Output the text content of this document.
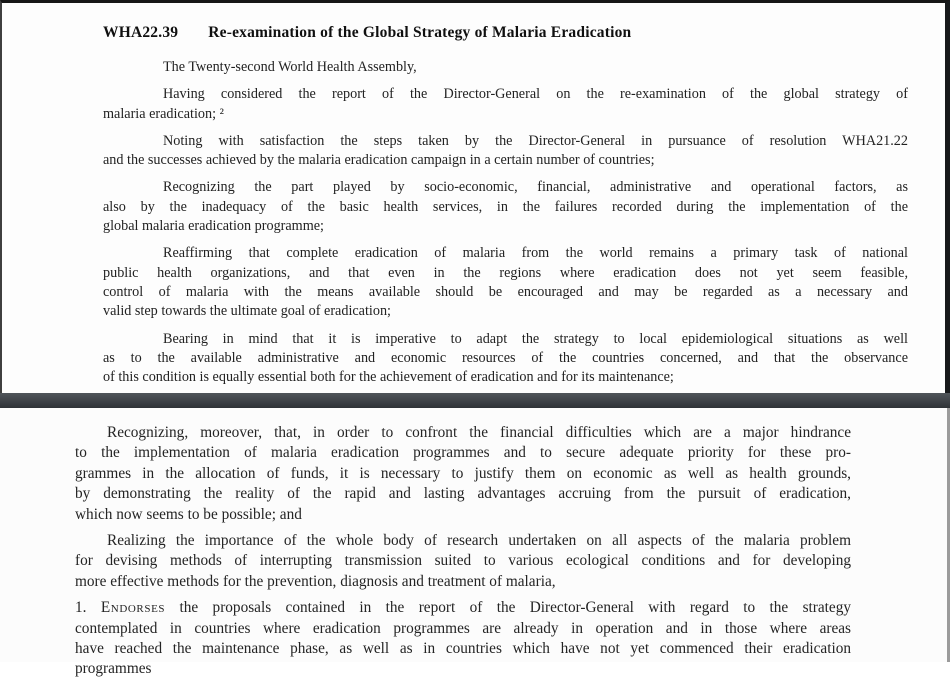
WHA22.39 Re-examination of the Global Strategy of Malaria Eradication
The Twenty-second World Health Assembly,
Having considered the report of the Director-General on the re-examination of the global strategy of
malaria eradication; ²
Noting with satisfaction the steps taken by the Director-General in pursuance of resolution WHA21.22
and the successes achieved by the malaria eradication campaign in a certain number of countries;
Recognizing the part played by socio-economic, financial, administrative and operational factors, as
also by the inadequacy of the basic health services, in the failures recorded during the implementation of the
global malaria eradication programme;
Reaffirming that complete eradication of malaria from the world remains a primary task of national
public health organizations, and that even in the regions where eradication does not yet seem feasible,
control of malaria with the means available should be encouraged and may be regarded as a necessary and
valid step towards the ultimate goal of eradication;
Bearing in mind that it is imperative to adapt the strategy to local epidemiological situations as well
as to the available administrative and economic resources of the countries concerned, and that the observance
of this condition is equally essential both for the achievement of eradication and for its maintenance;
Recognizing, moreover, that, in order to confront the financial difficulties which are a major hindrance
to the implementation of malaria eradication programmes and to secure adequate priority for these pro-
grammes in the allocation of funds, it is necessary to justify them on economic as well as health grounds,
by demonstrating the reality of the rapid and lasting advantages accruing from the pursuit of eradication,
which now seems to be possible; and
Realizing the importance of the whole body of research undertaken on all aspects of the malaria problem
for devising methods of interrupting transmission suited to various ecological conditions and for developing
more effective methods for the prevention, diagnosis and treatment of malaria,
1. Endorses the proposals contained in the report of the Director-General with regard to the strategy
contemplated in countries where eradication programmes are already in operation and in those where areas
have reached the maintenance phase, as well as in countries which have not yet commenced their eradication
programmes
